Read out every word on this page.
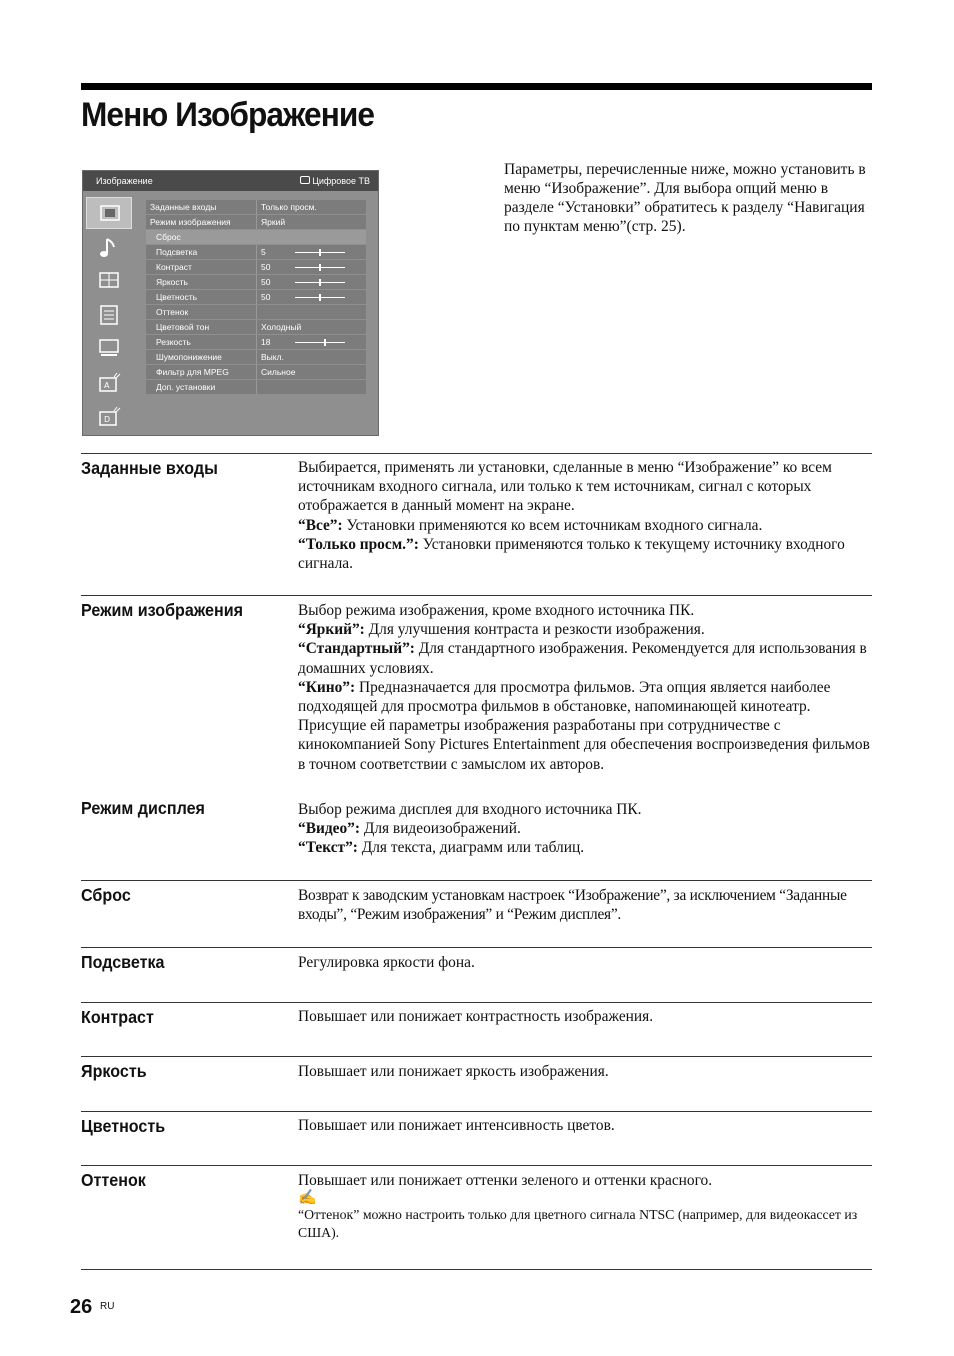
Меню Изображение
Изображение	Цифровое ТВ
A
D
Заданные входы	Только просм.
Режим изображения	Яркий
Сброс
Подсветка	5
Контраст	50
Яркость	50
Цветность	50
Оттенок
Цветовой тон	Холодный
Резкость	18
Шумопонижение	Выкл.
Фильтр для MPEG	Сильное
Доп. установки

Параметры, перечисленные ниже, можно установить в меню “Изображение”. Для выбора опций меню в разделе “Установки” обратитесь к разделу “Навигация по пунктам меню”(стр. 25).

Заданные входы	Выбирается, применять ли установки, сделанные в меню “Изображение” ко всем источникам входного сигнала, или только к тем источникам, сигнал с которых отображается в данный момент на экране.

“Все”: Установки применяются ко всем источникам входного сигнала.

“Только просм.”: Установки применяются только к текущему источнику входного сигнала.

Режим изображения	Выбор режима изображения, кроме входного источника ПК.

“Яркий”: Для улучшения контраста и резкости изображения.

“Стандартный”: Для стандартного изображения. Рекомендуется для использования в домашних условиях.

“Кино”: Предназначается для просмотра фильмов. Эта опция является наиболее подходящей для просмотра фильмов в обстановке, напоминающей кинотеатр. Присущие ей параметры изображения разработаны при сотрудничестве с кинокомпанией Sony Pictures Entertainment для обеспечения воспроизведения фильмов в точном соответствии с замыслом их авторов.

Режим дисплея	Выбор режима дисплея для входного источника ПК.

“Видео”: Для видеоизображений.

“Текст”: Для текста, диаграмм или таблиц.

Сброс	Возврат к заводским установкам настроек “Изображение”, за исключением “Заданные входы”, “Режим изображения” и “Режим дисплея”.

Подсветка	Регулировка яркости фона.

Контраст	Повышает или понижает контрастность изображения.

Яркость	Повышает или понижает яркость изображения.

Цветность	Повышает или понижает интенсивность цветов.

Оттенок	Повышает или понижает оттенки зеленого и оттенки красного.

✍

“Оттенок” можно настроить только для цветного сигнала NTSC (например, для видеокассет из США).

26 RU
